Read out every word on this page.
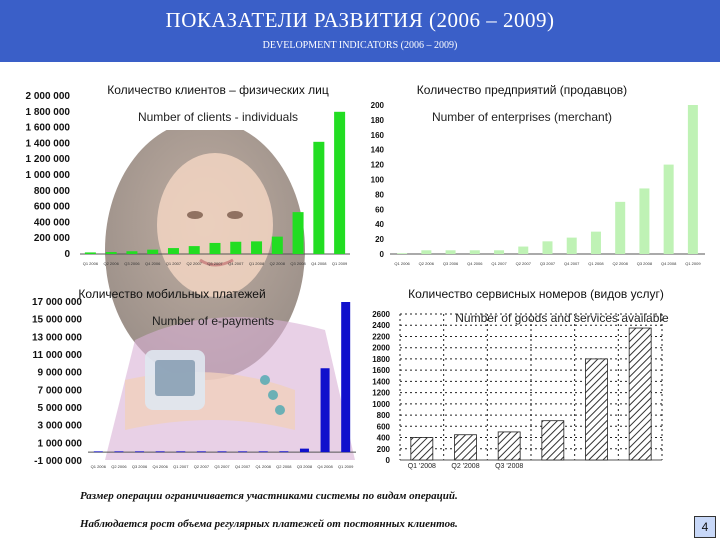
ПОКАЗАТЕЛИ РАЗВИТИЯ (2006 – 2009)
DEVELOPMENT INDICATORS (2006 – 2009)
Количество клиентов – физических лиц
Number of clients - individuals
2 000 000
1 800 000
1 600 000
1 400 000
1 200 000
1 000 000
800 000
600 000
400 000
200 000
0
Q1 2006 Q2 2006 Q3 2006 Q4 2006 Q1 2007 Q2 2007 Q3 2007 Q4 2007 Q1 2008 Q2 2008 Q3 2008 Q4 2008 Q1 2009
Количество предприятий (продавцов)
Number of enterprises (merchant)
200
180
160
140
120
100
80
60
40
20
0
Q1 2006 Q2 2006 Q3 2006 Q4 2006 Q1 2007 Q2 2007 Q3 2007 Q4 2007 Q1 2008 Q2 2008 Q3 2008 Q4 2008 Q1 2009
Количество мобильных платежей
Number of e-payments
17 000 000
15 000 000
13 000 000
11 000 000
9 000 000
7 000 000
5 000 000
3 000 000
1 000 000
-1 000 000 Q1 2006 Q2 2006 Q3 2006 Q4 2006 Q1 2007 Q2 2007 Q3 2007 Q4 2007 Q1 2008 Q2 2008 Q3 2008 Q4 2008 Q1 2009
Количество сервисных номеров (видов услуг)
Number of goods and services available
2600
2400
2200
2000
1800
1600
1400
1200
1000
800
600
400
200
0
Q1 '2008 Q2 '2008 Q3 '2008
Размер операции ограничивается участниками системы по видам операций.
Наблюдается рост объема регулярных платежей от постоянных клиентов.	4
